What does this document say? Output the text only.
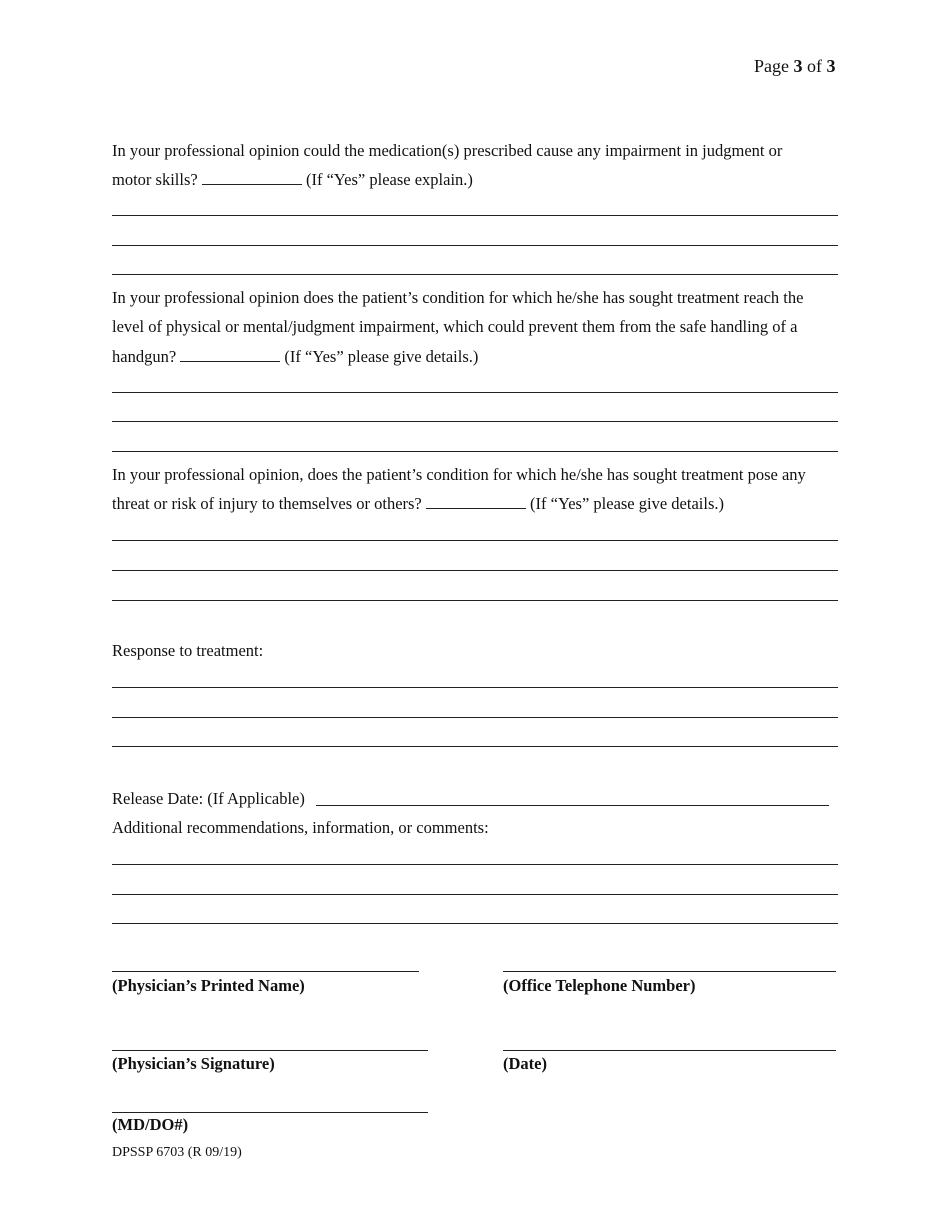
Page 3 of 3
In your professional opinion could the medication(s) prescribed cause any impairment in judgment or
motor skills?	(If “Yes” please explain.)
In your professional opinion does the patient’s condition for which he/she has sought treatment reach the
level of physical or mental/judgment impairment, which could prevent them from the safe handling of a
handgun?	(If “Yes” please give details.)
In your professional opinion, does the patient’s condition for which he/she has sought treatment pose any
threat or risk of injury to themselves or others?	(If “Yes” please give details.)
Response to treatment:
Release Date: (If Applicable)
Additional recommendations, information, or comments:
(Physician’s Printed Name)	(Office Telephone Number)
(Physician’s Signature)	(Date)
(MD/DO#)
DPSSP 6703 (R 09/19)
